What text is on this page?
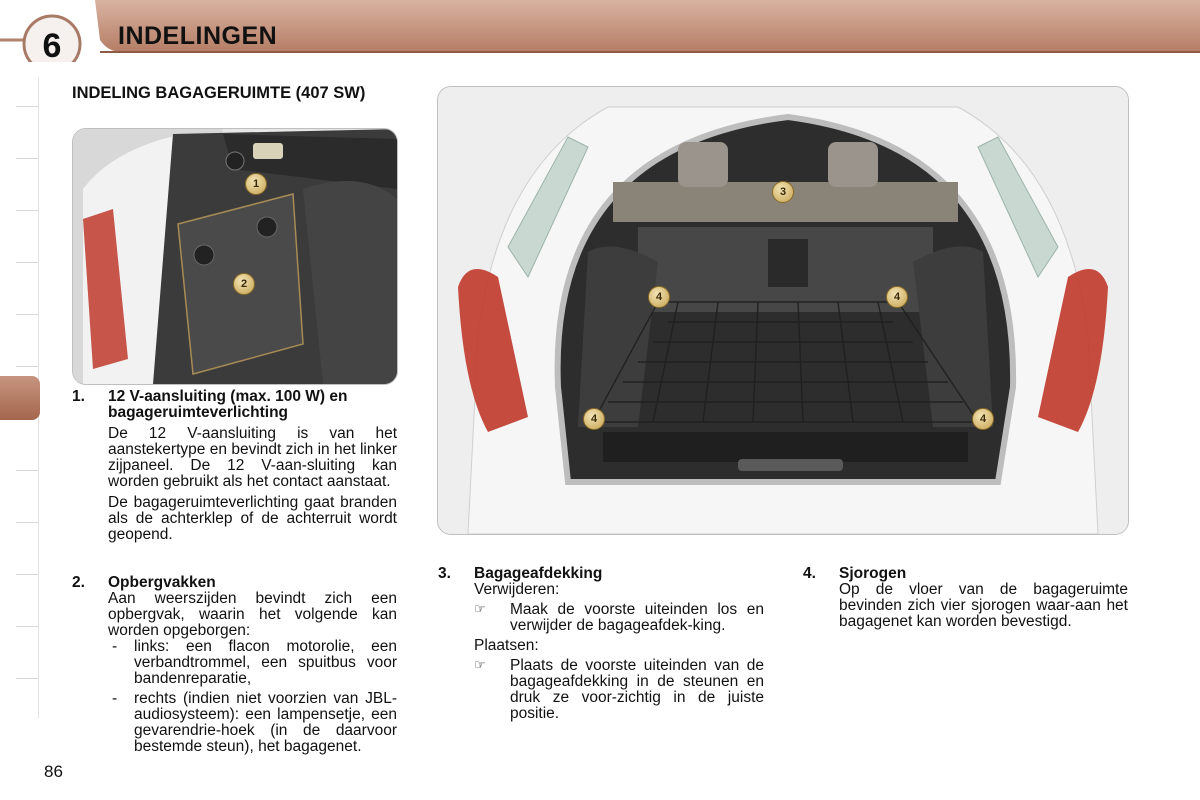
6	INDELINGEN
INDELING BAGAGERUIMTE (407 SW)
1
2
3
4	4
4	4
1. 12 V-aansluiting (max. 100 W) en bagageruimteverlichting

De 12 V-aansluiting is van het aanstekertype en bevindt zich in het linker zijpaneel. De 12 V-aan-sluiting kan worden gebruikt als het contact aanstaat.

De bagageruimteverlichting gaat branden als de achterklep of de achterruit wordt geopend.

2. Opbergvakken

Aan weerszijden bevindt zich een opbergvak, waarin het volgende kan worden opgeborgen:

- links: een flacon motorolie, een verbandtrommel, een spuitbus voor bandenreparatie,
- rechts (indien niet voorzien van JBL-audiosysteem): een lampensetje, een gevarendrie-hoek (in de daarvoor bestemde steun), het bagagenet.
3. Bagageafdekking
Verwijderen:
☞ Maak de voorste uiteinden los en verwijder de bagageafdek-king.
Plaatsen:
☞ Plaats de voorste uiteinden van de bagageafdekking in de steunen en druk ze voor-zichtig in de juiste positie.
4. Sjorogen

Op de vloer van de bagageruimte bevinden zich vier sjorogen waar-aan het bagagenet kan worden bevestigd.

86
